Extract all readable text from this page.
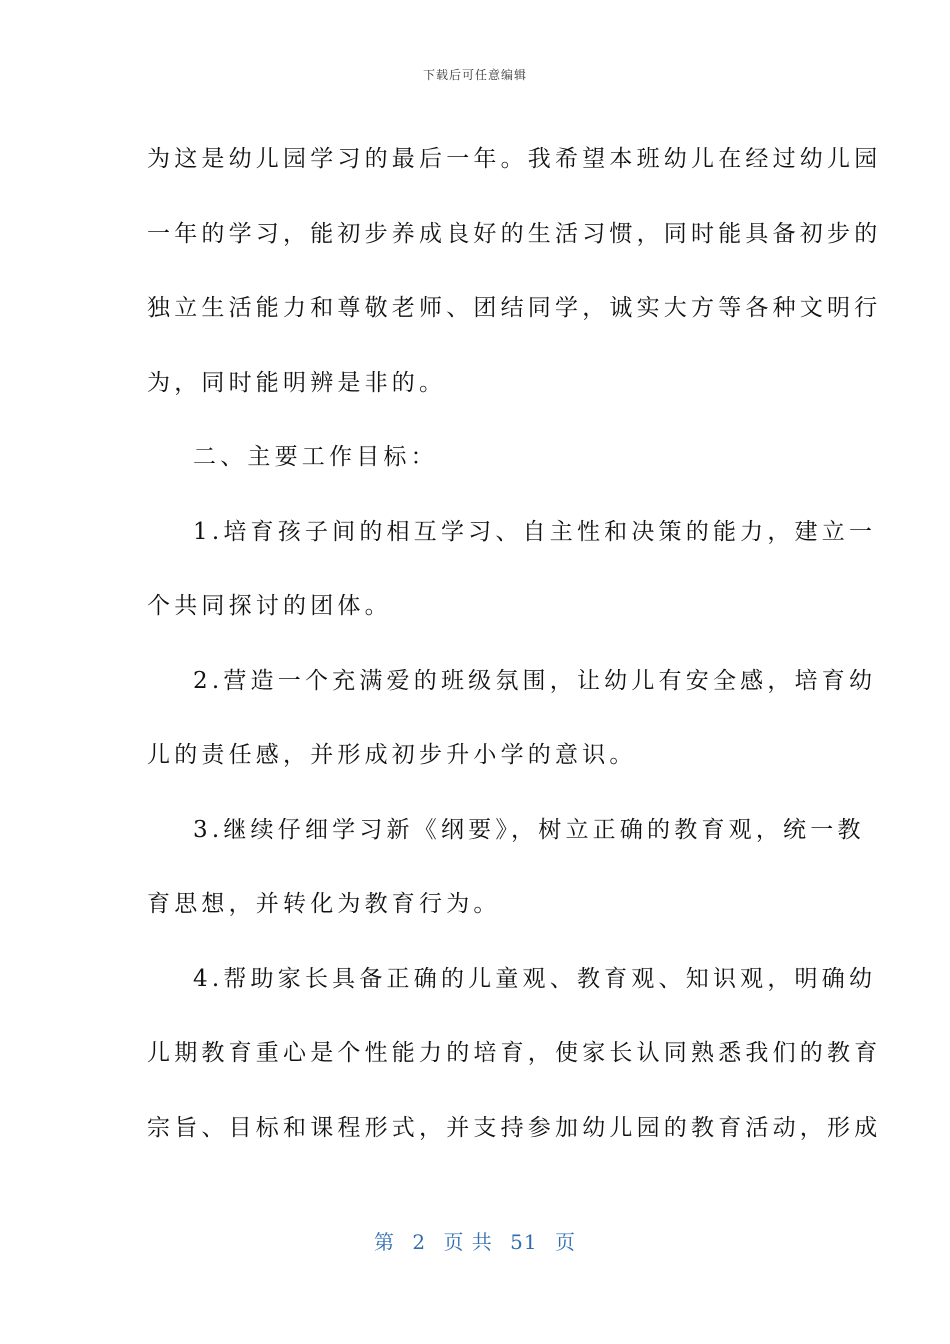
下载后可任意编辑
为这是幼儿园学习的最后一年。我希望本班幼儿在经过幼儿园
一年的学习，能初步养成良好的生活习惯，同时能具备初步的
独立生活能力和尊敬老师、团结同学，诚实大方等各种文明行
为，同时能明辨是非的。
二、主要工作目标：
1.培育孩子间的相互学习、自主性和决策的能力，建立一
个共同探讨的团体。
2.营造一个充满爱的班级氛围，让幼儿有安全感，培育幼
儿的责任感，并形成初步升小学的意识。
3.继续仔细学习新《纲要》，树立正确的教育观，统一教
育思想，并转化为教育行为。
4.帮助家长具备正确的儿童观、教育观、知识观，明确幼
儿期教育重心是个性能力的培育，使家长认同熟悉我们的教育
宗旨、目标和课程形式，并支持参加幼儿园的教育活动，形成
第 2 页 共 51 页
